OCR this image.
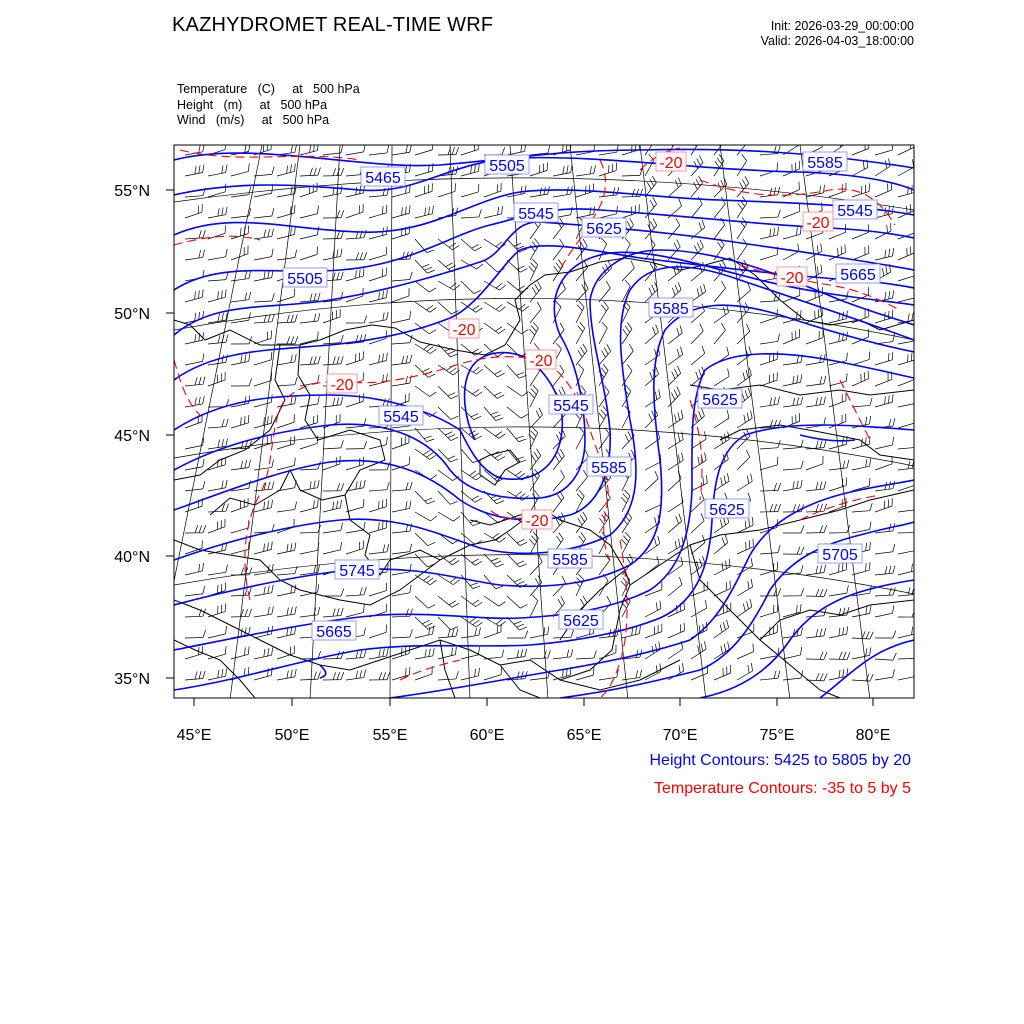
KAZHYDROMET REAL-TIME WRF	Init: 2026-03-29_00:00:00
Valid: 2026-04-03_18:00:00
Temperature   (C)     at   500 hPa
Height   (m)     at   500 hPa
Wind   (m/s)     at   500 hPa
5465
5505
5545
5585
5545
5625
5505
5545
5545
5585
5585
5625
5665
5625
5705
5745
5585
5625
5665
-20
-20
-20
-20
-20
-20
-20
45°E	50°E	55°E	60°E	65°E	70°E	75°E	80°E
55°N
50°N
45°N
40°N
35°N
Height Contours: 5425 to 5805 by 20
Temperature Contours: -35 to 5 by 5
